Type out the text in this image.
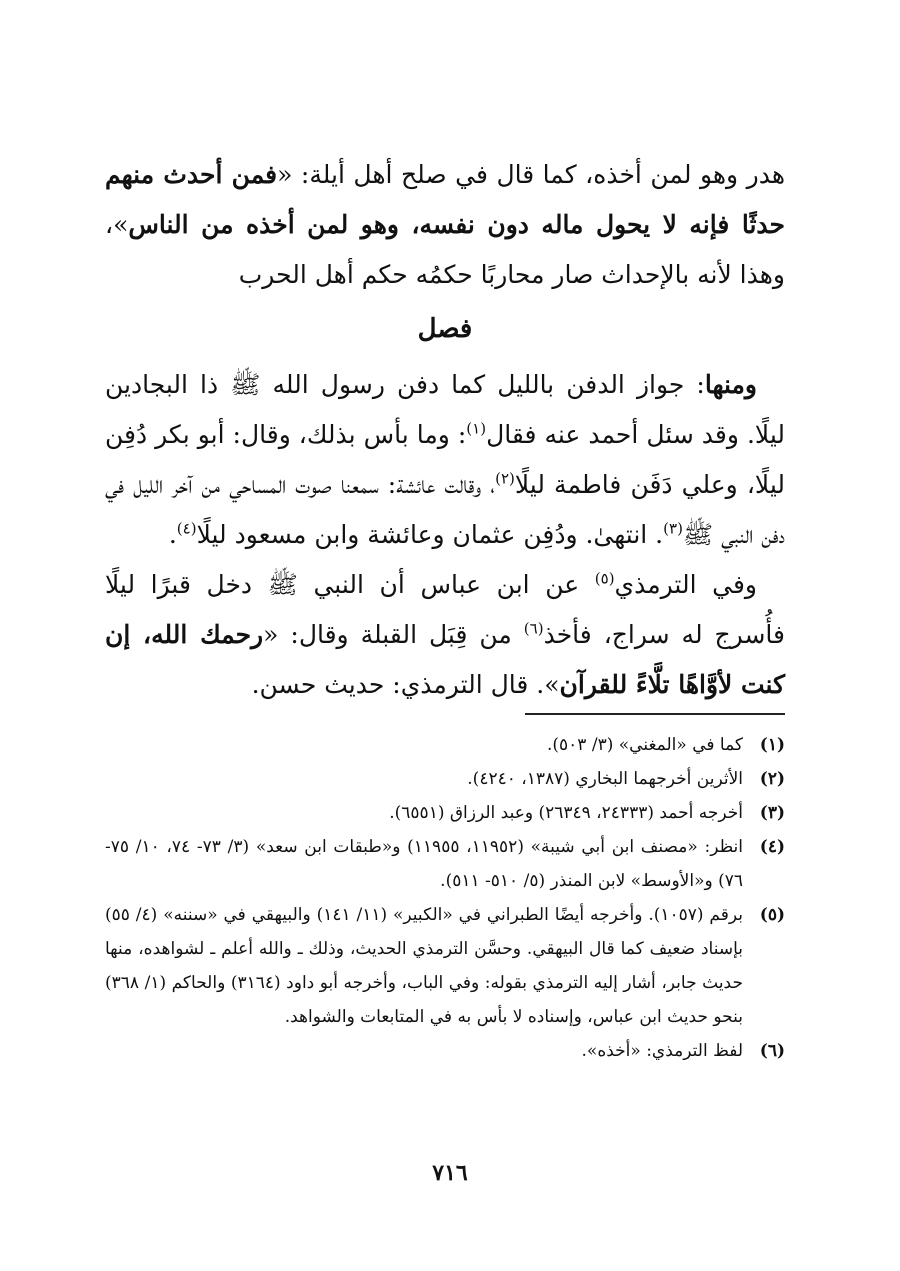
هدر وهو لمن أخذه، كما قال في صلح أهل أيلة: «فمن أحدث منهم حدثًا فإنه لا يحول ماله دون نفسه، وهو لمن أخذه من الناس»، وهذا لأنه بالإحداث صار محاربًا حكمُه حكم أهل الحرب

فصل

ومنها: جواز الدفن بالليل كما دفن رسول الله ﷺ ذا البجادين ليلًا. وقد سئل أحمد عنه فقال$^{(١)}$: وما بأس بذلك، وقال: أبو بكر دُفِن ليلًا، وعلي دَفَن فاطمة ليلًا$^{(٢)}$، وقالت عائشة: سمعنا صوت المساحي من آخر الليل في دفن النبي ﷺ$^{(٣)}$. انتهىٰ. ودُفِن عثمان وعائشة وابن مسعود ليلًا$^{(٤)}$.

وفي الترمذي$^{(٥)}$ عن ابن عباس أن النبي ﷺ دخل قبرًا ليلًا فأُسرج له سراج، فأخذ$^{(٦)}$ من قِبَل القبلة وقال: «رحمك الله، إن كنت لأوَّاهًا تلَّاءً للقرآن». قال الترمذي: حديث حسن.

(١)
كما في «المغني» (٣/ ٥٠٣).
(٢)
الأثرين أخرجهما البخاري (١٣٨٧، ٤٢٤٠).
(٣)
أخرجه أحمد (٢٤٣٣٣، ٢٦٣٤٩) وعبد الرزاق (٦٥٥١).
(٤)
انظر: «مصنف ابن أبي شيبة» (١١٩٥٢، ١١٩٥٥) و«طبقات ابن سعد» (٣/ ٧٣- ٧٤، ١٠/ ٧٥- ٧٦) و«الأوسط» لابن المنذر (٥/ ٥١٠- ٥١١).
(٥)
برقم (١٠٥٧). وأخرجه أيضًا الطبراني في «الكبير» (١١/ ١٤١) والبيهقي في «سننه» (٤/ ٥٥) بإسناد ضعيف كما قال البيهقي. وحسَّن الترمذي الحديث، وذلك ـ والله أعلم ـ لشواهده، منها حديث جابر، أشار إليه الترمذي بقوله: وفي الباب، وأخرجه أبو داود (٣١٦٤) والحاكم (١/ ٣٦٨) بنحو حديث ابن عباس، وإسناده لا بأس به في المتابعات والشواهد.
(٦)
لفظ الترمذي: «أخذه».
٧١٦
